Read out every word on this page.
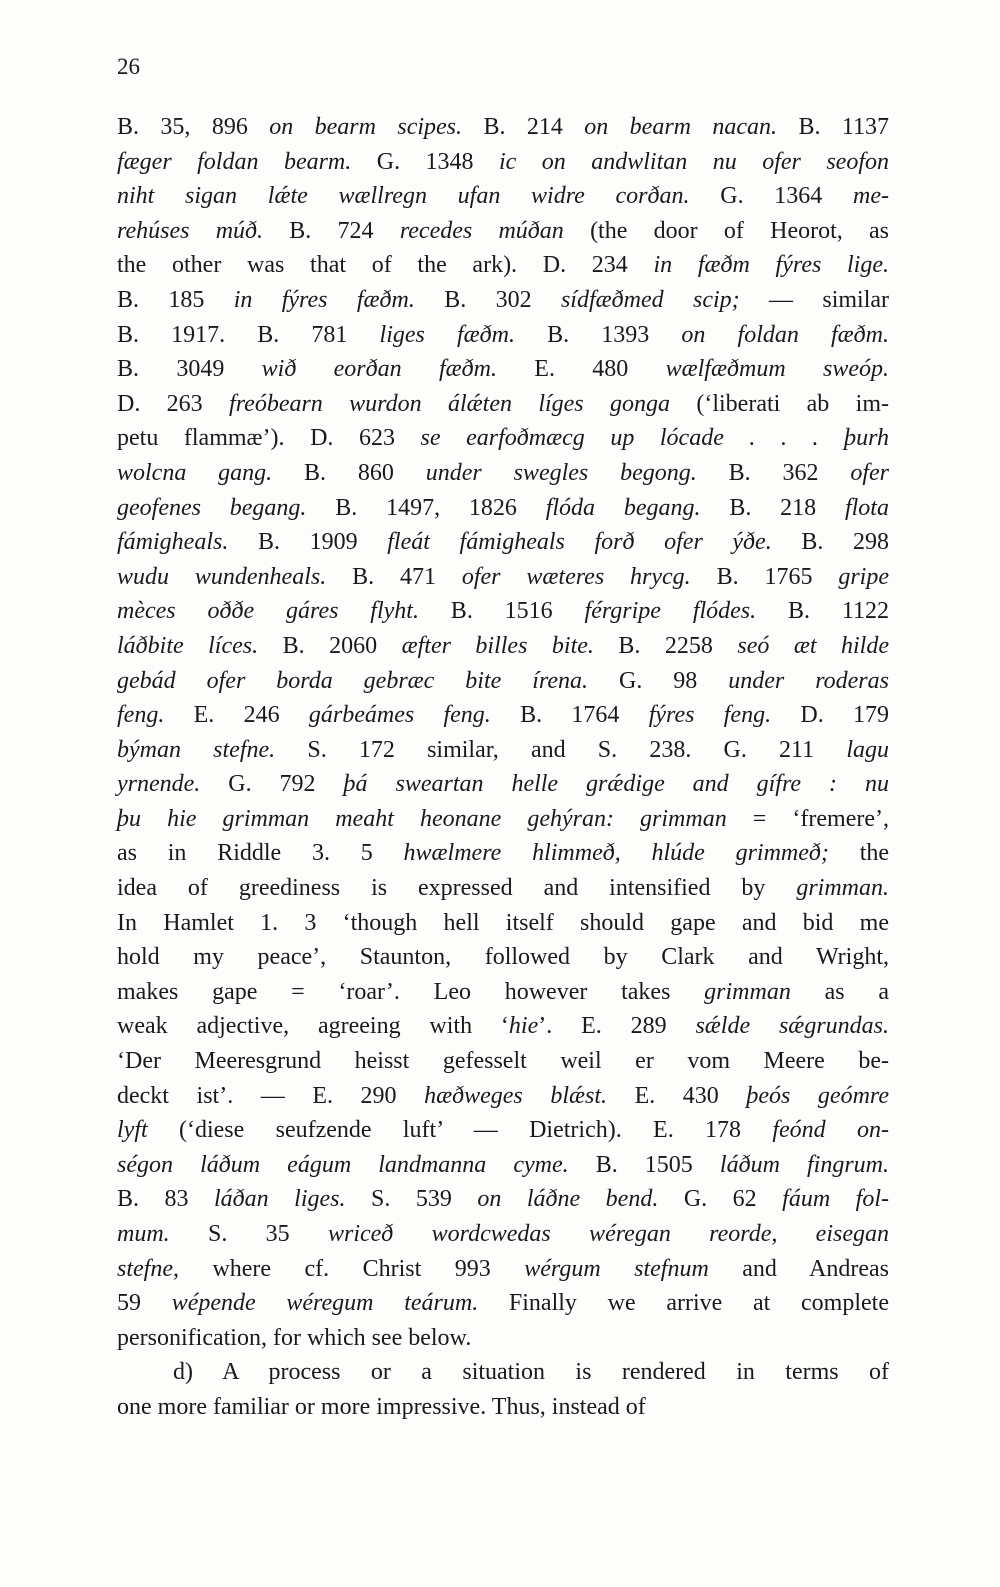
26
B. 35, 896 on bearm scipes. B. 214 on bearm nacan. B. 1137
fæger foldan bearm. G. 1348 ic on andwlitan nu ofer seofon
niht sigan lǽte wællregn ufan widre corðan. G. 1364 me-
rehúses múð. B. 724 recedes múðan (the door of Heorot, as
the other was that of the ark). D. 234 in fæðm fýres lige.
B. 185 in fýres fæðm. B. 302 sídfæðmed scip; — similar
B. 1917. B. 781 liges fæðm. B. 1393 on foldan fæðm.
B. 3049 wið eorðan fæðm. E. 480 wælfæðmum sweóp.
D. 263 freóbearn wurdon álǽten líges gonga (‘liberati ab im-
petu flammæ’). D. 623 se earfoðmæcg up lócade . . . þurh
wolcna gang. B. 860 under swegles begong. B. 362 ofer
geofenes begang. B. 1497, 1826 flóda begang. B. 218 flota
fámigheals. B. 1909 fleát fámigheals forð ofer ýðe. B. 298
wudu wundenheals. B. 471 ofer wæteres hrycg. B. 1765 gripe
mèces oððe gáres flyht. B. 1516 férgripe flódes. B. 1122
láðbite líces. B. 2060 æfter billes bite. B. 2258 seó æt hilde
gebád ofer borda gebræc bite írena. G. 98 under roderas
feng. E. 246 gárbeámes feng. B. 1764 fýres feng. D. 179
býman stefne. S. 172 similar, and S. 238. G. 211 lagu
yrnende. G. 792 þá sweartan helle grǽdige and gífre : nu
þu hie grimman meaht heonane gehýran: grimman = ‘fremere’,
as in Riddle 3. 5 hwælmere hlimmeð, hlúde grimmeð; the
idea of greediness is expressed and intensified by grimman.
In Hamlet 1. 3 ‘though hell itself should gape and bid me
hold my peace’, Staunton, followed by Clark and Wright,
makes gape = ‘roar’. Leo however takes grimman as a
weak adjective, agreeing with ‘hie’. E. 289 sǽlde sǽgrundas.
‘Der Meeresgrund heisst gefesselt weil er vom Meere be-
deckt ist’. — E. 290 hæðweges blǽst. E. 430 þeós geómre
lyft (‘diese seufzende luft’ — Dietrich). E. 178 feónd on-
ségon láðum eágum landmanna cyme. B. 1505 láðum fingrum.
B. 83 láðan liges. S. 539 on láðne bend. G. 62 fáum fol-
mum. S. 35 wriceð wordcwedas wéregan reorde, eisegan
stefne, where cf. Christ 993 wérgum stefnum and Andreas
59 wépende wéregum teárum. Finally we arrive at complete
personification, for which see below.
d) A process or a situation is rendered in terms of
one more familiar or more impressive. Thus, instead of
